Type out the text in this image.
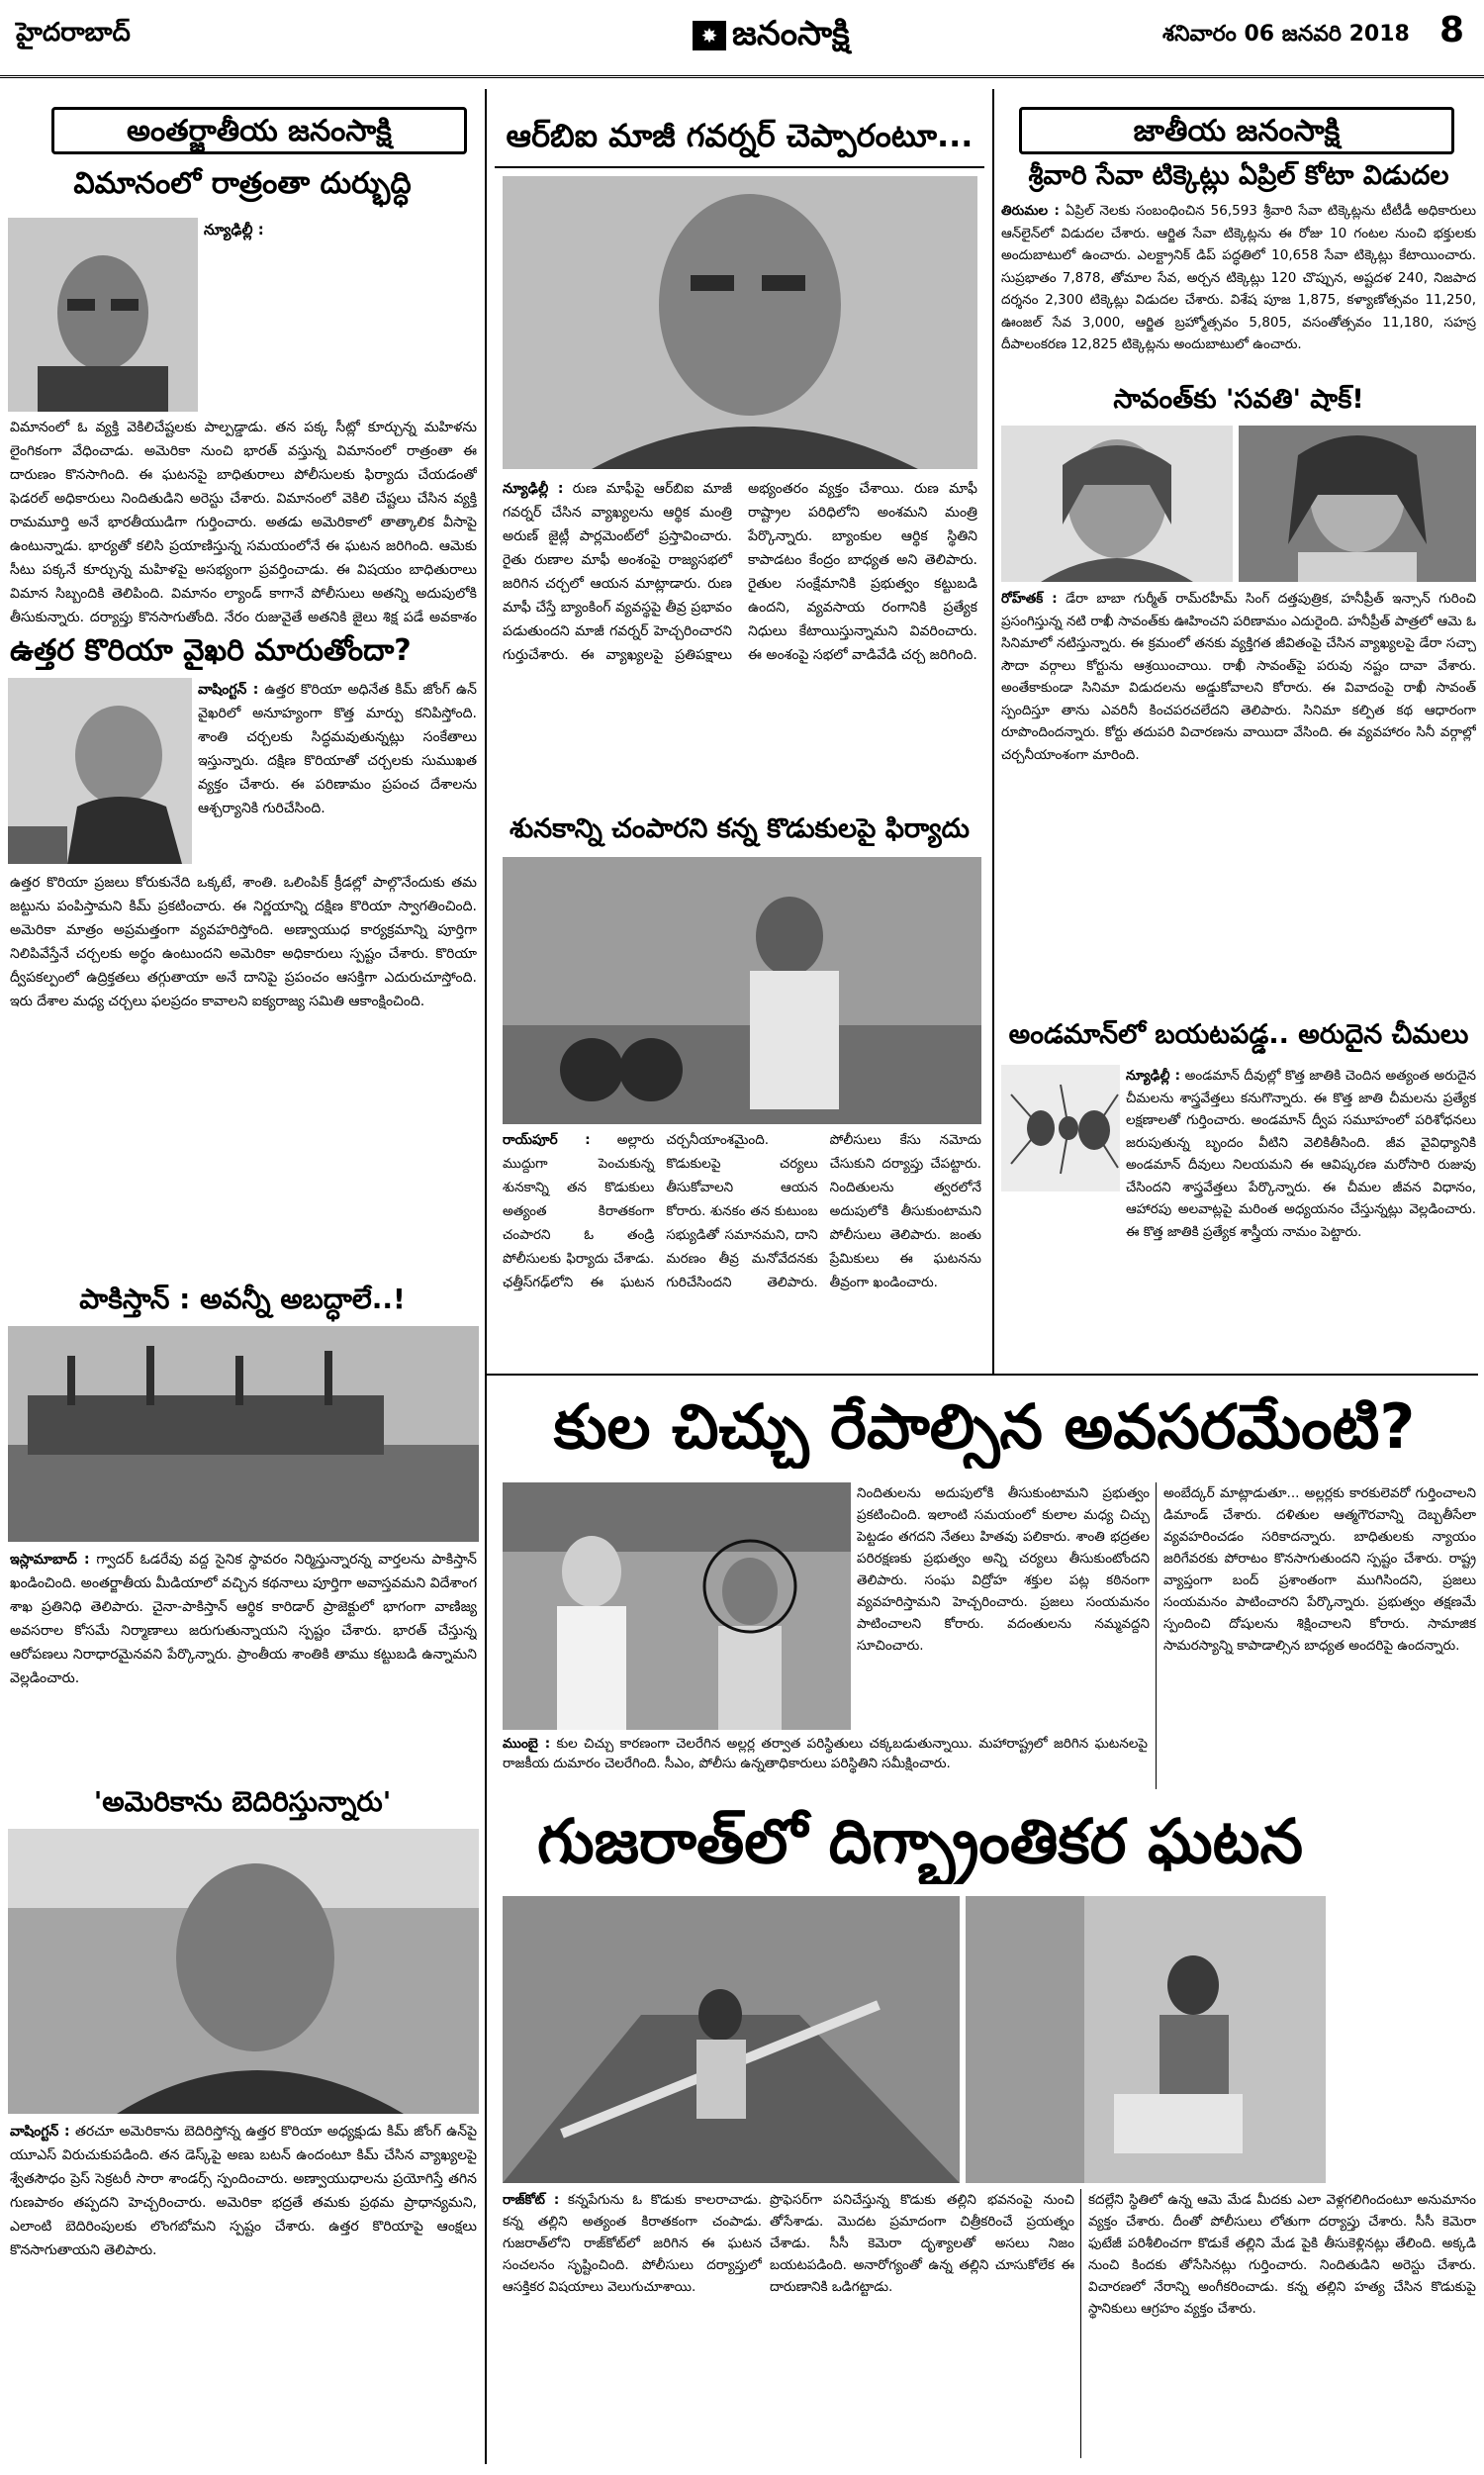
హైదరాబాద్	✸ జనంసాక్షి	శనివారం 06 జనవరి 2018 8
అంతర్జాతీయ జనంసాక్షి
విమానంలో రాత్రంతా దుర్భుద్ధి
న్యూఢిల్లీ :
విమానంలో ఓ వ్యక్తి వెకిలిచేష్టలకు పాల్పడ్డాడు. తన పక్క సీట్లో కూర్చున్న మహిళను లైంగికంగా వేధించాడు. అమెరికా నుంచి భారత్ వస్తున్న విమానంలో రాత్రంతా ఈ దారుణం కొనసాగింది. ఈ ఘటనపై బాధితురాలు పోలీసులకు ఫిర్యాదు చేయడంతో ఫెడరల్ అధికారులు నిందితుడిని అరెస్టు చేశారు. విమానంలో వెకిలి చేష్టలు చేసిన వ్యక్తి రామమూర్తి అనే భారతీయుడిగా గుర్తించారు. అతడు అమెరికాలో తాత్కాలిక వీసాపై ఉంటున్నాడు. భార్యతో కలిసి ప్రయాణిస్తున్న సమయంలోనే ఈ ఘటన జరిగింది. ఆమెకు సీటు పక్కనే కూర్చున్న మహిళపై అసభ్యంగా ప్రవర్తించాడు. ఈ విషయం బాధితురాలు విమాన సిబ్బందికి తెలిపింది. విమానం ల్యాండ్ కాగానే పోలీసులు అతన్ని అదుపులోకి తీసుకున్నారు. దర్యాప్తు కొనసాగుతోంది. నేరం రుజువైతే అతనికి జైలు శిక్ష పడే అవకాశం
ఉత్తర కొరియా వైఖరి మారుతోందా?
వాషింగ్టన్ : ఉత్తర కొరియా అధినేత కిమ్ జోంగ్ ఉన్ వైఖరిలో అనూహ్యంగా కొత్త మార్పు కనిపిస్తోంది. శాంతి చర్చలకు సిద్ధమవుతున్నట్లు సంకేతాలు ఇస్తున్నారు. దక్షిణ కొరియాతో చర్చలకు సుముఖత వ్యక్తం చేశారు. ఈ పరిణామం ప్రపంచ దేశాలను ఆశ్చర్యానికి గురిచేసింది.
ఉత్తర కొరియా ప్రజలు కోరుకునేది ఒక్కటే, శాంతి. ఒలింపిక్ క్రీడల్లో పాల్గొనేందుకు తమ జట్టును పంపిస్తామని కిమ్ ప్రకటించారు. ఈ నిర్ణయాన్ని దక్షిణ కొరియా స్వాగతించింది. అమెరికా మాత్రం అప్రమత్తంగా వ్యవహరిస్తోంది. అణ్వాయుధ కార్యక్రమాన్ని పూర్తిగా నిలిపివేస్తేనే చర్చలకు అర్థం ఉంటుందని అమెరికా అధికారులు స్పష్టం చేశారు. కొరియా ద్వీపకల్పంలో ఉద్రిక్తతలు తగ్గుతాయా అనే దానిపై ప్రపంచం ఆసక్తిగా ఎదురుచూస్తోంది. ఇరు దేశాల మధ్య చర్చలు ఫలప్రదం కావాలని ఐక్యరాజ్య సమితి ఆకాంక్షించింది.
పాకిస్తాన్ : అవన్నీ అబద్ధాలే..!
ఇస్లామాబాద్ : గ్వాదర్ ఓడరేవు వద్ద సైనిక స్థావరం నిర్మిస్తున్నారన్న వార్తలను పాకిస్తాన్ ఖండించింది. అంతర్జాతీయ మీడియాలో వచ్చిన కథనాలు పూర్తిగా అవాస్తవమని విదేశాంగ శాఖ ప్రతినిధి తెలిపారు. చైనా-పాకిస్తాన్ ఆర్థిక కారిడార్ ప్రాజెక్టులో భాగంగా వాణిజ్య అవసరాల కోసమే నిర్మాణాలు జరుగుతున్నాయని స్పష్టం చేశారు. భారత్ చేస్తున్న ఆరోపణలు నిరాధారమైనవని పేర్కొన్నారు. ప్రాంతీయ శాంతికి తాము కట్టుబడి ఉన్నామని వెల్లడించారు.
'అమెరికాను బెదిరిస్తున్నారు'
వాషింగ్టన్ : తరచూ అమెరికాను బెదిరిస్తోన్న ఉత్తర కొరియా అధ్యక్షుడు కిమ్ జోంగ్ ఉన్‌పై యూఎస్ విరుచుకుపడింది. తన డెస్క్‌పై అణు బటన్ ఉందంటూ కిమ్ చేసిన వ్యాఖ్యలపై శ్వేతసౌధం ప్రెస్ సెక్రటరీ సారా శాండర్స్ స్పందించారు. అణ్వాయుధాలను ప్రయోగిస్తే తగిన గుణపాఠం తప్పదని హెచ్చరించారు. అమెరికా భద్రతే తమకు ప్రథమ ప్రాధాన్యమని, ఎలాంటి బెదిరింపులకు లొంగబోమని స్పష్టం చేశారు. ఉత్తర కొరియాపై ఆంక్షలు కొనసాగుతాయని తెలిపారు.
ఆర్‌బిఐ మాజీ గవర్నర్ చెప్పారంటూ...
న్యూఢిల్లీ : రుణ మాఫీపై ఆర్‌బిఐ మాజీ గవర్నర్ చేసిన వ్యాఖ్యలను ఆర్థిక మంత్రి అరుణ్ జైట్లీ పార్లమెంట్‌లో ప్రస్తావించారు. రైతు రుణాల మాఫీ అంశంపై రాజ్యసభలో జరిగిన చర్చలో ఆయన మాట్లాడారు. రుణ మాఫీ చేస్తే బ్యాంకింగ్ వ్యవస్థపై తీవ్ర ప్రభావం పడుతుందని మాజీ గవర్నర్ హెచ్చరించారని గుర్తుచేశారు. ఈ వ్యాఖ్యలపై ప్రతిపక్షాలు అభ్యంతరం వ్యక్తం చేశాయి. రుణ మాఫీ రాష్ట్రాల పరిధిలోని అంశమని మంత్రి పేర్కొన్నారు. బ్యాంకుల ఆర్థిక స్థితిని కాపాడటం కేంద్రం బాధ్యత అని తెలిపారు. రైతుల సంక్షేమానికి ప్రభుత్వం కట్టుబడి ఉందని, వ్యవసాయ రంగానికి ప్రత్యేక నిధులు కేటాయిస్తున్నామని వివరించారు. ఈ అంశంపై సభలో వాడివేడి చర్చ జరిగింది.
శునకాన్ని చంపారని కన్న కొడుకులపై ఫిర్యాదు
రాయ్‌పూర్ : అల్లారు ముద్దుగా పెంచుకున్న శునకాన్ని తన కొడుకులు అత్యంత కిరాతకంగా చంపారని ఓ తండ్రి పోలీసులకు ఫిర్యాదు చేశాడు. ఛత్తీస్‌గఢ్‌లోని ఈ ఘటన చర్చనీయాంశమైంది. కొడుకులపై చర్యలు తీసుకోవాలని ఆయన కోరారు. శునకం తన కుటుంబ సభ్యుడితో సమానమని, దాని మరణం తీవ్ర మనోవేదనకు గురిచేసిందని తెలిపారు. పోలీసులు కేసు నమోదు చేసుకుని దర్యాప్తు చేపట్టారు. నిందితులను త్వరలోనే అదుపులోకి తీసుకుంటామని పోలీసులు తెలిపారు. జంతు ప్రేమికులు ఈ ఘటనను తీవ్రంగా ఖండించారు.
జాతీయ జనంసాక్షి
శ్రీవారి సేవా టిక్కెట్లు ఏప్రిల్ కోటా విడుదల
తిరుమల : ఏప్రిల్ నెలకు సంబంధించిన 56,593 శ్రీవారి సేవా టిక్కెట్లను టీటీడీ అధికారులు ఆన్‌లైన్‌లో విడుదల చేశారు. ఆర్జిత సేవా టిక్కెట్లను ఈ రోజు 10 గంటల నుంచి భక్తులకు అందుబాటులో ఉంచారు. ఎలక్ట్రానిక్ డిప్ పద్ధతిలో 10,658 సేవా టిక్కెట్లు కేటాయించారు. సుప్రభాతం 7,878, తోమాల సేవ, అర్చన టిక్కెట్లు 120 చొప్పున, అష్టదళ 240, నిజపాద దర్శనం 2,300 టిక్కెట్లు విడుదల చేశారు. విశేష పూజ 1,875, కళ్యాణోత్సవం 11,250, ఊంజల్ సేవ 3,000, ఆర్జిత బ్రహ్మోత్సవం 5,805, వసంతోత్సవం 11,180, సహస్ర దీపాలంకరణ 12,825 టిక్కెట్లను అందుబాటులో ఉంచారు.
సావంత్‌కు 'సవతి' షాక్!
రోహ్‌తక్ : డేరా బాబా గుర్మీత్ రామ్‌రహీమ్ సింగ్ దత్తపుత్రిక, హనీప్రీత్ ఇన్సాన్ గురించి ప్రసంగిస్తున్న నటి రాఖీ సావంత్‌కు ఊహించని పరిణామం ఎదురైంది. హనీప్రీత్ పాత్రలో ఆమె ఓ సినిమాలో నటిస్తున్నారు. ఈ క్రమంలో తనకు వ్యక్తిగత జీవితంపై చేసిన వ్యాఖ్యలపై డేరా సచ్చా సౌదా వర్గాలు కోర్టును ఆశ్రయించాయి. రాఖీ సావంత్‌పై పరువు నష్టం దావా వేశారు. అంతేకాకుండా సినిమా విడుదలను అడ్డుకోవాలని కోరారు. ఈ వివాదంపై రాఖీ సావంత్ స్పందిస్తూ తాను ఎవరినీ కించపరచలేదని తెలిపారు. సినిమా కల్పిత కథ ఆధారంగా రూపొందిందన్నారు. కోర్టు తదుపరి విచారణను వాయిదా వేసింది. ఈ వ్యవహారం సినీ వర్గాల్లో చర్చనీయాంశంగా మారింది.
అండమాన్‌లో బయటపడ్డ.. అరుదైన చీమలు
న్యూఢిల్లీ : అండమాన్ దీవుల్లో కొత్త జాతికి చెందిన అత్యంత అరుదైన చీమలను శాస్త్రవేత్తలు కనుగొన్నారు. ఈ కొత్త జాతి చీమలను ప్రత్యేక లక్షణాలతో గుర్తించారు. అండమాన్ ద్వీప సమూహంలో పరిశోధనలు జరుపుతున్న బృందం వీటిని వెలికితీసింది. జీవ వైవిధ్యానికి అండమాన్ దీవులు నిలయమని ఈ ఆవిష్కరణ మరోసారి రుజువు చేసిందని శాస్త్రవేత్తలు పేర్కొన్నారు. ఈ చీమల జీవన విధానం, ఆహారపు అలవాట్లపై మరింత అధ్యయనం చేస్తున్నట్లు వెల్లడించారు. ఈ కొత్త జాతికి ప్రత్యేక శాస్త్రీయ నామం పెట్టారు.
కుల చిచ్చు రేపాల్సిన అవసరమేంటి?
నిందితులను అదుపులోకి తీసుకుంటామని ప్రభుత్వం ప్రకటించింది. ఇలాంటి సమయంలో కులాల మధ్య చిచ్చు పెట్టడం తగదని నేతలు హితవు పలికారు. శాంతి భద్రతల పరిరక్షణకు ప్రభుత్వం అన్ని చర్యలు తీసుకుంటోందని తెలిపారు. సంఘ విద్రోహ శక్తుల పట్ల కఠినంగా వ్యవహరిస్తామని హెచ్చరించారు. ప్రజలు సంయమనం పాటించాలని కోరారు. వదంతులను నమ్మవద్దని సూచించారు.
ముంబై : కుల చిచ్చు కారణంగా చెలరేగిన అల్లర్ల తర్వాత పరిస్థితులు చక్కబడుతున్నాయి. మహారాష్ట్రలో జరిగిన ఘటనలపై రాజకీయ దుమారం చెలరేగింది. సీఎం, పోలీసు ఉన్నతాధికారులు పరిస్థితిని సమీక్షించారు.
అంబేద్కర్ మాట్లాడుతూ... అల్లర్లకు కారకులెవరో గుర్తించాలని డిమాండ్ చేశారు. దళితుల ఆత్మగౌరవాన్ని దెబ్బతీసేలా వ్యవహరించడం సరికాదన్నారు. బాధితులకు న్యాయం జరిగేవరకు పోరాటం కొనసాగుతుందని స్పష్టం చేశారు. రాష్ట్ర వ్యాప్తంగా బంద్ ప్రశాంతంగా ముగిసిందని, ప్రజలు సంయమనం పాటించారని పేర్కొన్నారు. ప్రభుత్వం తక్షణమే స్పందించి దోషులను శిక్షించాలని కోరారు. సామాజిక సామరస్యాన్ని కాపాడాల్సిన బాధ్యత అందరిపై ఉందన్నారు.
గుజరాత్‌లో దిగ్భ్రాంతికర ఘటన
రాజ్‌కోట్ : కన్నపేగును ఓ కొడుకు కాలరాచాడు. కన్న తల్లిని అత్యంత కిరాతకంగా చంపాడు. గుజరాత్‌లోని రాజ్‌కోట్‌లో జరిగిన ఈ ఘటన సంచలనం సృష్టించింది. పోలీసులు దర్యాప్తులో ఆసక్తికర విషయాలు వెలుగుచూశాయి.
ప్రొఫెసర్‌గా పనిచేస్తున్న కొడుకు తల్లిని భవనంపై నుంచి తోసేశాడు. మొదట ప్రమాదంగా చిత్రీకరించే ప్రయత్నం చేశాడు. సీసీ కెమెరా దృశ్యాలతో అసలు నిజం బయటపడింది. అనారోగ్యంతో ఉన్న తల్లిని చూసుకోలేక ఈ దారుణానికి ఒడిగట్టాడు.
కదల్లేని స్థితిలో ఉన్న ఆమె మేడ మీదకు ఎలా వెళ్లగలిగిందంటూ అనుమానం వ్యక్తం చేశారు. దీంతో పోలీసులు లోతుగా దర్యాప్తు చేశారు. సీసీ కెమెరా ఫుటేజీ పరిశీలించగా కొడుకే తల్లిని మేడ పైకి తీసుకెళ్లినట్లు తేలింది. అక్కడి నుంచి కిందకు తోసేసినట్లు గుర్తించారు. నిందితుడిని అరెస్టు చేశారు. విచారణలో నేరాన్ని అంగీకరించాడు. కన్న తల్లిని హత్య చేసిన కొడుకుపై స్థానికులు ఆగ్రహం వ్యక్తం చేశారు.
